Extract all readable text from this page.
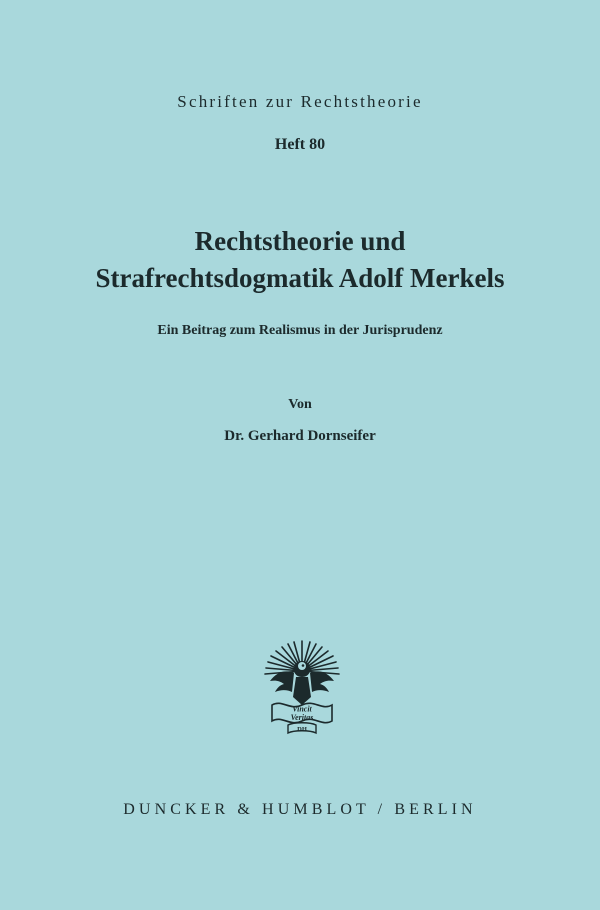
Schriften zur Rechtstheorie
Heft 80
Rechtstheorie und
Strafrechtsdogmatik Adolf Merkels
Ein Beitrag zum Realismus in der Jurisprudenz
Von
Dr. Gerhard Dornseifer
Vincit
Veritas
DH
DUNCKER & HUMBLOT / BERLIN
